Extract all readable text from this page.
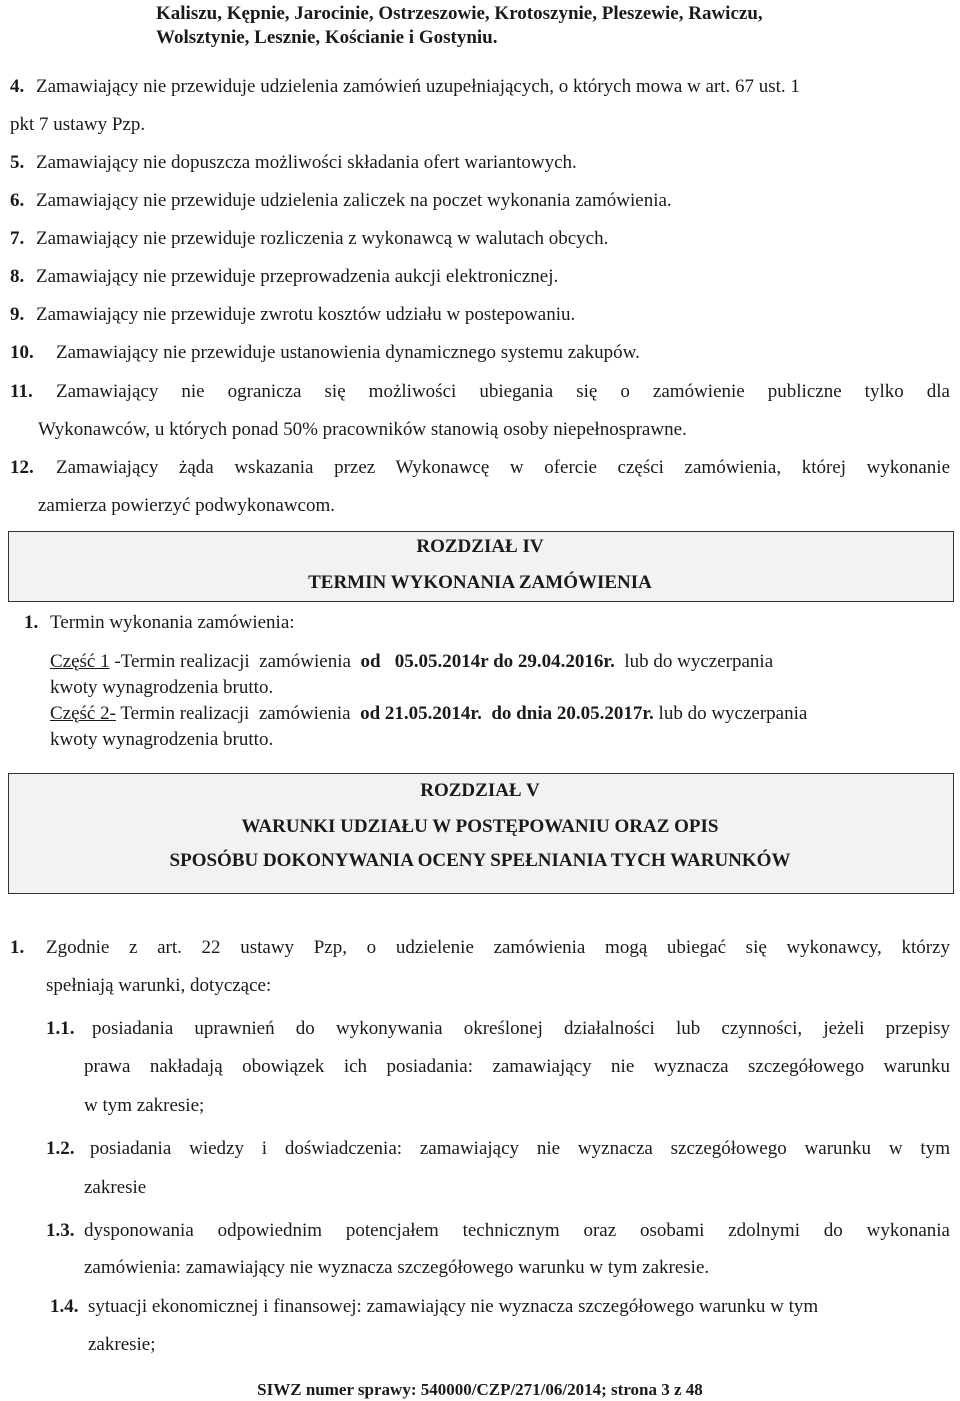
Kaliszu, Kępnie, Jarocinie, Ostrzeszowie, Krotoszynie, Pleszewie, Rawiczu,
Wolsztynie, Lesznie, Kościanie i Gostyniu.
4. Zamawiający nie przewiduje udzielenia zamówień uzupełniających, o których mowa w art. 67 ust. 1
pkt 7 ustawy Pzp.
5. Zamawiający nie dopuszcza możliwości składania ofert wariantowych.
6. Zamawiający nie przewiduje udzielenia zaliczek na poczet wykonania zamówienia.
7. Zamawiający nie przewiduje rozliczenia z wykonawcą w walutach obcych.
8. Zamawiający nie przewiduje przeprowadzenia aukcji elektronicznej.
9. Zamawiający nie przewiduje zwrotu kosztów udziału w postepowaniu.
10. Zamawiający nie przewiduje ustanowienia dynamicznego systemu zakupów.
11. Zamawiający nie ogranicza się możliwości ubiegania się o zamówienie publiczne tylko dla
Wykonawców, u których ponad 50% pracowników stanowią osoby niepełnosprawne.
12. Zamawiający żąda wskazania przez Wykonawcę w ofercie części zamówienia, której wykonanie
zamierza powierzyć podwykonawcom.
ROZDZIAŁ IV
TERMIN WYKONANIA ZAMÓWIENIA
1. Termin wykonania zamówienia:
Część 1 -Termin realizacji  zamówienia  od   05.05.2014r do 29.04.2016r.  lub do wyczerpania
kwoty wynagrodzenia brutto.
Część 2- Termin realizacji  zamówienia  od 21.05.2014r.  do dnia 20.05.2017r. lub do wyczerpania
kwoty wynagrodzenia brutto.
ROZDZIAŁ V
WARUNKI UDZIAŁU W POSTĘPOWANIU ORAZ OPIS
SPOSÓBU DOKONYWANIA OCENY SPEŁNIANIA TYCH WARUNKÓW
1. Zgodnie z art. 22 ustawy Pzp, o udzielenie zamówienia mogą ubiegać się wykonawcy, którzy
spełniają warunki, dotyczące:
1.1. posiadania uprawnień do wykonywania określonej działalności lub czynności, jeżeli przepisy
prawa nakładają obowiązek ich posiadania: zamawiający nie wyznacza szczegółowego warunku
w tym zakresie;
1.2. posiadania wiedzy i doświadczenia: zamawiający nie wyznacza szczegółowego warunku w tym
zakresie
1.3. dysponowania odpowiednim potencjałem technicznym oraz osobami zdolnymi do wykonania
zamówienia: zamawiający nie wyznacza szczegółowego warunku w tym zakresie.
1.4. sytuacji ekonomicznej i finansowej: zamawiający nie wyznacza szczegółowego warunku w tym
zakresie;
SIWZ numer sprawy: 540000/CZP/271/06/2014; strona 3 z 48
